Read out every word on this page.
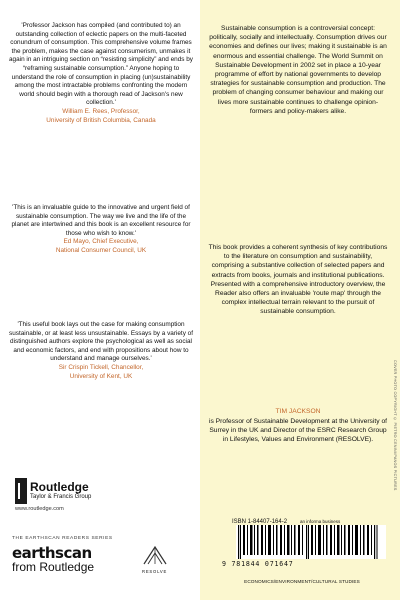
'Professor Jackson has compiled (and contributed to) an outstanding collection of eclectic papers on the multi-faceted conundrum of consumption. This comprehensive volume frames the problem, makes the case against consumerism, unmakes it again in an intriguing section on “resisting simplicity” and ends by “reframing sustainable consumption.” Anyone hoping to understand the role of consumption in placing (un)sustainability among the most intractable problems confronting the modern world should begin with a thorough read of Jackson's new collection.'
William E. Rees, Professor,
University of British Columbia, Canada
'This is an invaluable guide to the innovative and urgent field of sustainable consumption. The way we live and the life of the planet are intertwined and this book is an excellent resource for those who wish to know.'
Ed Mayo, Chief Executive,
National Consumer Council, UK
'This useful book lays out the case for making consumption sustainable, or at least less unsustainable. Essays by a variety of distinguished authors explore the psychological as well as social and economic factors, and end with propositions about how to understand and manage ourselves.'
Sir Crispin Tickell, Chancellor,
University of Kent, UK
Sustainable consumption is a controversial concept: politically, socially and intellectually. Consumption drives our economies and defines our lives; making it sustainable is an enormous and essential challenge. The World Summit on Sustainable Development in 2002 set in place a 10-year programme of effort by national governments to develop strategies for sustainable consumption and production. The problem of changing consumer behaviour and making our lives more sustainable continues to challenge opinion-formers and policy-makers alike.
This book provides a coherent synthesis of key contributions to the literature on consumption and sustainability, comprising a substantive collection of selected papers and extracts from books, journals and institutional publications. Presented with a comprehensive introductory overview, the Reader also offers an invaluable 'route map' through the complex intellectual terrain relevant to the pursuit of sustainable consumption.
TIM JACKSON
is Professor of Sustainable Development at the University of Surrey in the UK and Director of the ESRC Research Group in Lifestyles, Values and Environment (RESOLVE).	COVER PHOTO COPYRIGHT © PIETRO CENINI/PANOS PICTURES
Routledge
Taylor & Francis Group
www.routledge.com
THE EARTHSCAN READERS SERIES
earthscan
from Routledge	RESOLVE
ISBN 1-84407-164-2	an informa business
9 781844 071647
ECONOMICS/ENVIRONMENT/CULTURAL STUDIES
